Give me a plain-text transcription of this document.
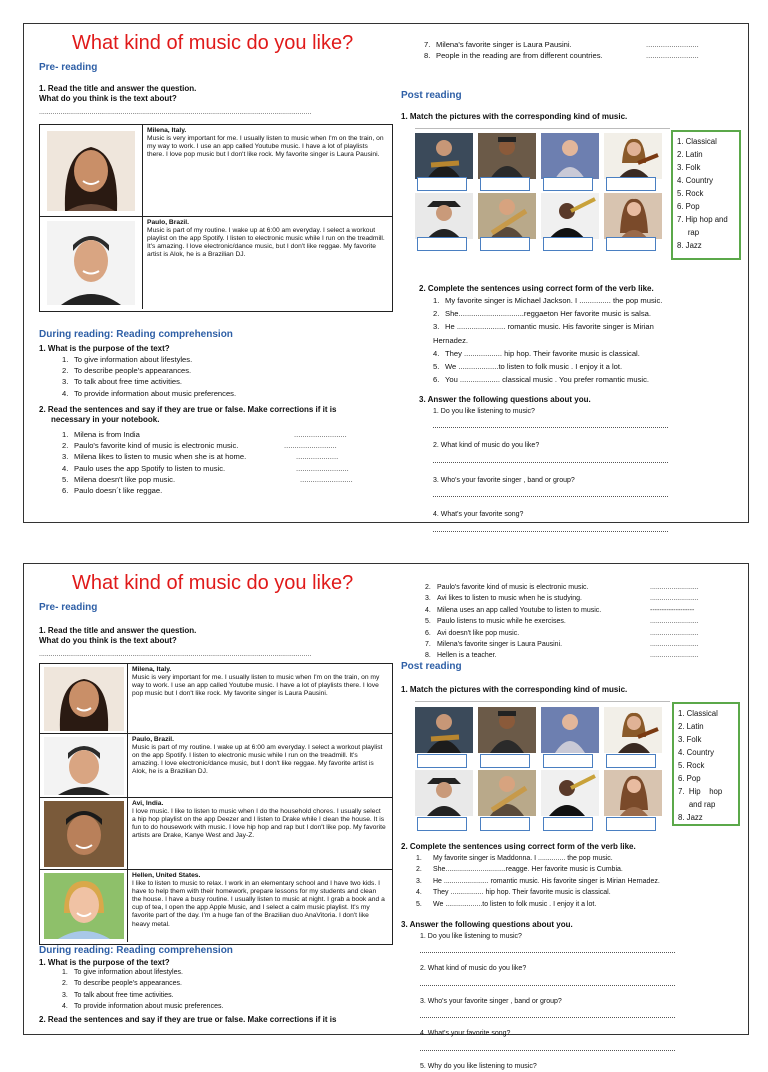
What kind of music do you like?
Pre- reading
1. Read the title and answer the question.
What do you think is the text about?
............................................................................................................................................
Milena, Italy.
Music is very important for me. I usually listen to music when I'm on the train, on my way to work. I use an app called Youtube music. I have a lot of playlists there. I love pop music but I don't like rock. My favorite singer is Laura Pausini.
Paulo, Brazil.
Music is part of my routine. I wake up at 6:00 am everyday. I select a workout playlist on the app Spotify. I listen to electronic music while I run on the treadmill. It's amazing. I love electronic/dance music, but I don't like reggae. My favorite artist is Alok, he is a Brazilian DJ.
During reading: Reading comprehension
1. What is the purpose of the text?
1. To give information about lifestyles.
2. To describe people's appearances.
3. To talk about free time activities.
4. To provide information about music preferences.
2. Read the sentences and say if they are true or false. Make corrections if it is
necessary in your notebook.
1. Milena is from India	.........................
2. Paulo's favorite kind of music is electronic music.	.........................
3. Milena likes to listen to music when she is at home.	....................
4. Paulo uses the app Spotify to listen to music.	.........................
5. Milena doesn't like pop music.	.........................
6. Paulo doesn´t like reggae.
7. Milena's favorite singer is Laura Pausini.	.........................
8. People in the reading are from different countries.	.........................
Post reading
1. Match the pictures with the corresponding kind of music.
1. Classical
2. Latin
3. Folk
4. Country
5. Rock
6. Pop
7. Hip hop and
rap
8. Jazz
2. Complete the sentences using correct form of the verb like.
1. My favorite singer is Michael Jackson. I ............... the pop music.
2. She...............................reggaeton Her favorite music is salsa.
3. He ....................... romantic music. His favorite singer is Mirian
Hernadez.
4. They .................. hip hop. Their favorite music is classical.
5. We ...................to listen to folk music . I enjoy it a lot.
6. You ................... classical music . You prefer romantic music.
3. Answer the following questions about you.
1. Do you like listening to music?
2. What kind of music do you like?
3. Who's your favorite singer , band or group?
4. What's your favorite song?
What kind of music do you like?
Pre- reading
1. Read the title and answer the question.
What do you think is the text about?
............................................................................................................................................
Milena, Italy.
Music is very important for me. I usually listen to music when I'm on the train, on my way to work. I use an app called Youtube music. I have a lot of playlists there. I love pop music but I don't like rock. My favorite singer is Laura Pausini.
Paulo, Brazil.
Music is part of my routine. I wake up at 6:00 am everyday. I select a workout playlist on the app Spotify. I listen to electronic music while I run on the treadmill. It's amazing. I love electronic/dance music, but I don't like reggae. My favorite artist is Alok, he is a Brazilian DJ.
Avi, India.
I love music. I like to listen to music when I do the household chores. I usually select a hip hop playlist on the app Deezer and I listen to Drake while I clean the house. It is fun to do housework with music. I love hip hop and rap but I don't like pop. My favorite artists are Drake, Kanye West and Jay-Z.
Hellen, United States.
I like to listen to music to relax. I work in an elementary school and I have two kids. I have to help them with their homework, prepare lessons for my students and clean the house. I have a busy routine. I usually listen to music at night. I grab a book and a cup of tea, I open the app Apple Music, and I select a calm music playlist. It's my favorite part of the day. I'm a huge fan of the Brazilian duo AnaVitoria. I don't like heavy metal.
During reading: Reading comprehension
1. What is the purpose of the text?
1. To give information about lifestyles.
2. To describe people's appearances.
3. To talk about free time activities.
4. To provide information about music preferences.
2. Read the sentences and say if they are true or false. Make corrections if it is
2. Paulo's favorite kind of music is electronic music.	.........................
3. Avi likes to listen to music when he is studying.	.........................
4. Milena uses an app called Youtube to listen to music.	-------------------
5. Paulo listens to music while he exercises.	.........................
6. Avi doesn't like pop music.	.........................
7. Milena's favorite singer is Laura Pausini.	.........................
8. Hellen is a teacher.	.........................
Post reading
1. Match the pictures with the corresponding kind of music.
1. Classical
2. Latin
3. Folk
4. Country
5. Rock
6. Pop
7.  Hip    hop
and rap
8. Jazz
2. Complete the sentences using correct form of the verb like.
1.	My favorite singer is Maddonna. I .............. the pop music.
2.	She...............................reagge. Her favorite music is Cumbia.
3.	He ....................... romantic music. His favorite singer is Mirian Hernadez.
4.	They ................. hip hop. Their favorite music is classical.
5.	We ...................to listen to folk music . I enjoy it a lot.
3. Answer the following questions about you.
1. Do you like listening to music?
2. What kind of music do you like?
3. Who's your favorite singer , band or group?
4. What's your favorite song?
5. Why do you like listening to music?
